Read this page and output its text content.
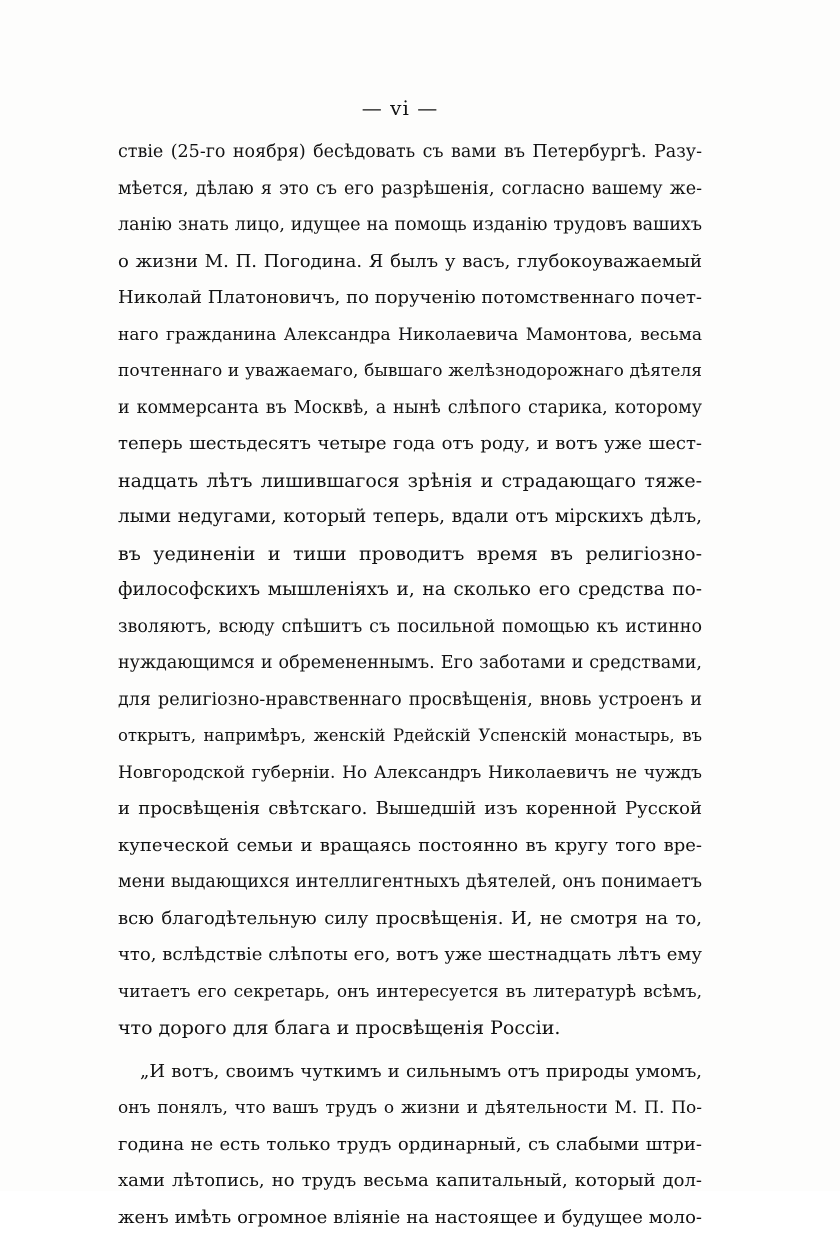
— vi —
ствіе (25-го ноября) бесѣдовать съ вами въ Петербургѣ. Разу-
мѣется, дѣлаю я это съ его разрѣшенія, согласно вашему же-
ланію знать лицо, идущее на помощь изданію трудовъ вашихъ
о жизни М. П. Погодина. Я былъ у васъ, глубокоуважаемый
Николай Платоновичъ, по порученію потомственнаго почет-
наго гражданина Александра Николаевича Мамонтова, весьма
почтеннаго и уважаемаго, бывшаго желѣзнодорожнаго дѣятеля
и коммерсанта въ Москвѣ, а нынѣ слѣпого старика, которому
теперь шестьдесятъ четыре года отъ роду, и вотъ уже шест-
надцать лѣтъ лишившагося зрѣнія и страдающаго тяже-
лыми недугами, который теперь, вдали отъ мірскихъ дѣлъ,
въ уединеніи и тиши проводитъ время въ религіозно-
философскихъ мышленіяхъ и, на сколько его средства по-
зволяютъ, всюду спѣшитъ съ посильной помощью къ истинно
нуждающимся и обремененнымъ. Его заботами и средствами,
для религіозно-нравственнаго просвѣщенія, вновь устроенъ и
открытъ, напримѣръ, женскій Рдейскій Успенскій монастырь, въ
Новгородской губерніи. Но Александръ Николаевичъ не чуждъ
и просвѣщенія свѣтскаго. Вышедшій изъ коренной Русской
купеческой семьи и вращаясь постоянно въ кругу того вре-
мени выдающихся интеллигентныхъ дѣятелей, онъ понимаетъ
всю благодѣтельную силу просвѣщенія. И, не смотря на то,
что, вслѣдствіе слѣпоты его, вотъ уже шестнадцать лѣтъ ему
читаетъ его секретарь, онъ интересуется въ литературѣ всѣмъ,
что дорого для блага и просвѣщенія Россіи.
„И вотъ, своимъ чуткимъ и сильнымъ отъ природы умомъ,
онъ понялъ, что вашъ трудъ о жизни и дѣятельности М. П. По-
година не есть только трудъ ординарный, съ слабыми штри-
хами лѣтопись, но трудъ весьма капитальный, который дол-
женъ имѣть огромное вліяніе на настоящее и будущее моло-
